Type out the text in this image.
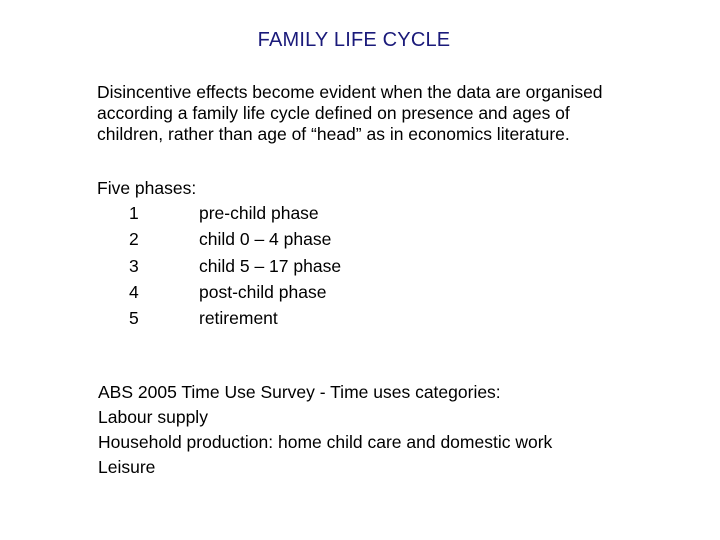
FAMILY LIFE CYCLE
Disincentive effects become evident when the data are organised
according a family life cycle defined on presence and ages of
children, rather than age of “head” as in economics literature.
Five phases:
1	pre-child phase
2	child 0 – 4 phase
3	child 5 – 17 phase
4	post-child phase
5	retirement
ABS 2005 Time Use Survey - Time uses categories:
Labour supply
Household production: home child care and domestic work
Leisure
